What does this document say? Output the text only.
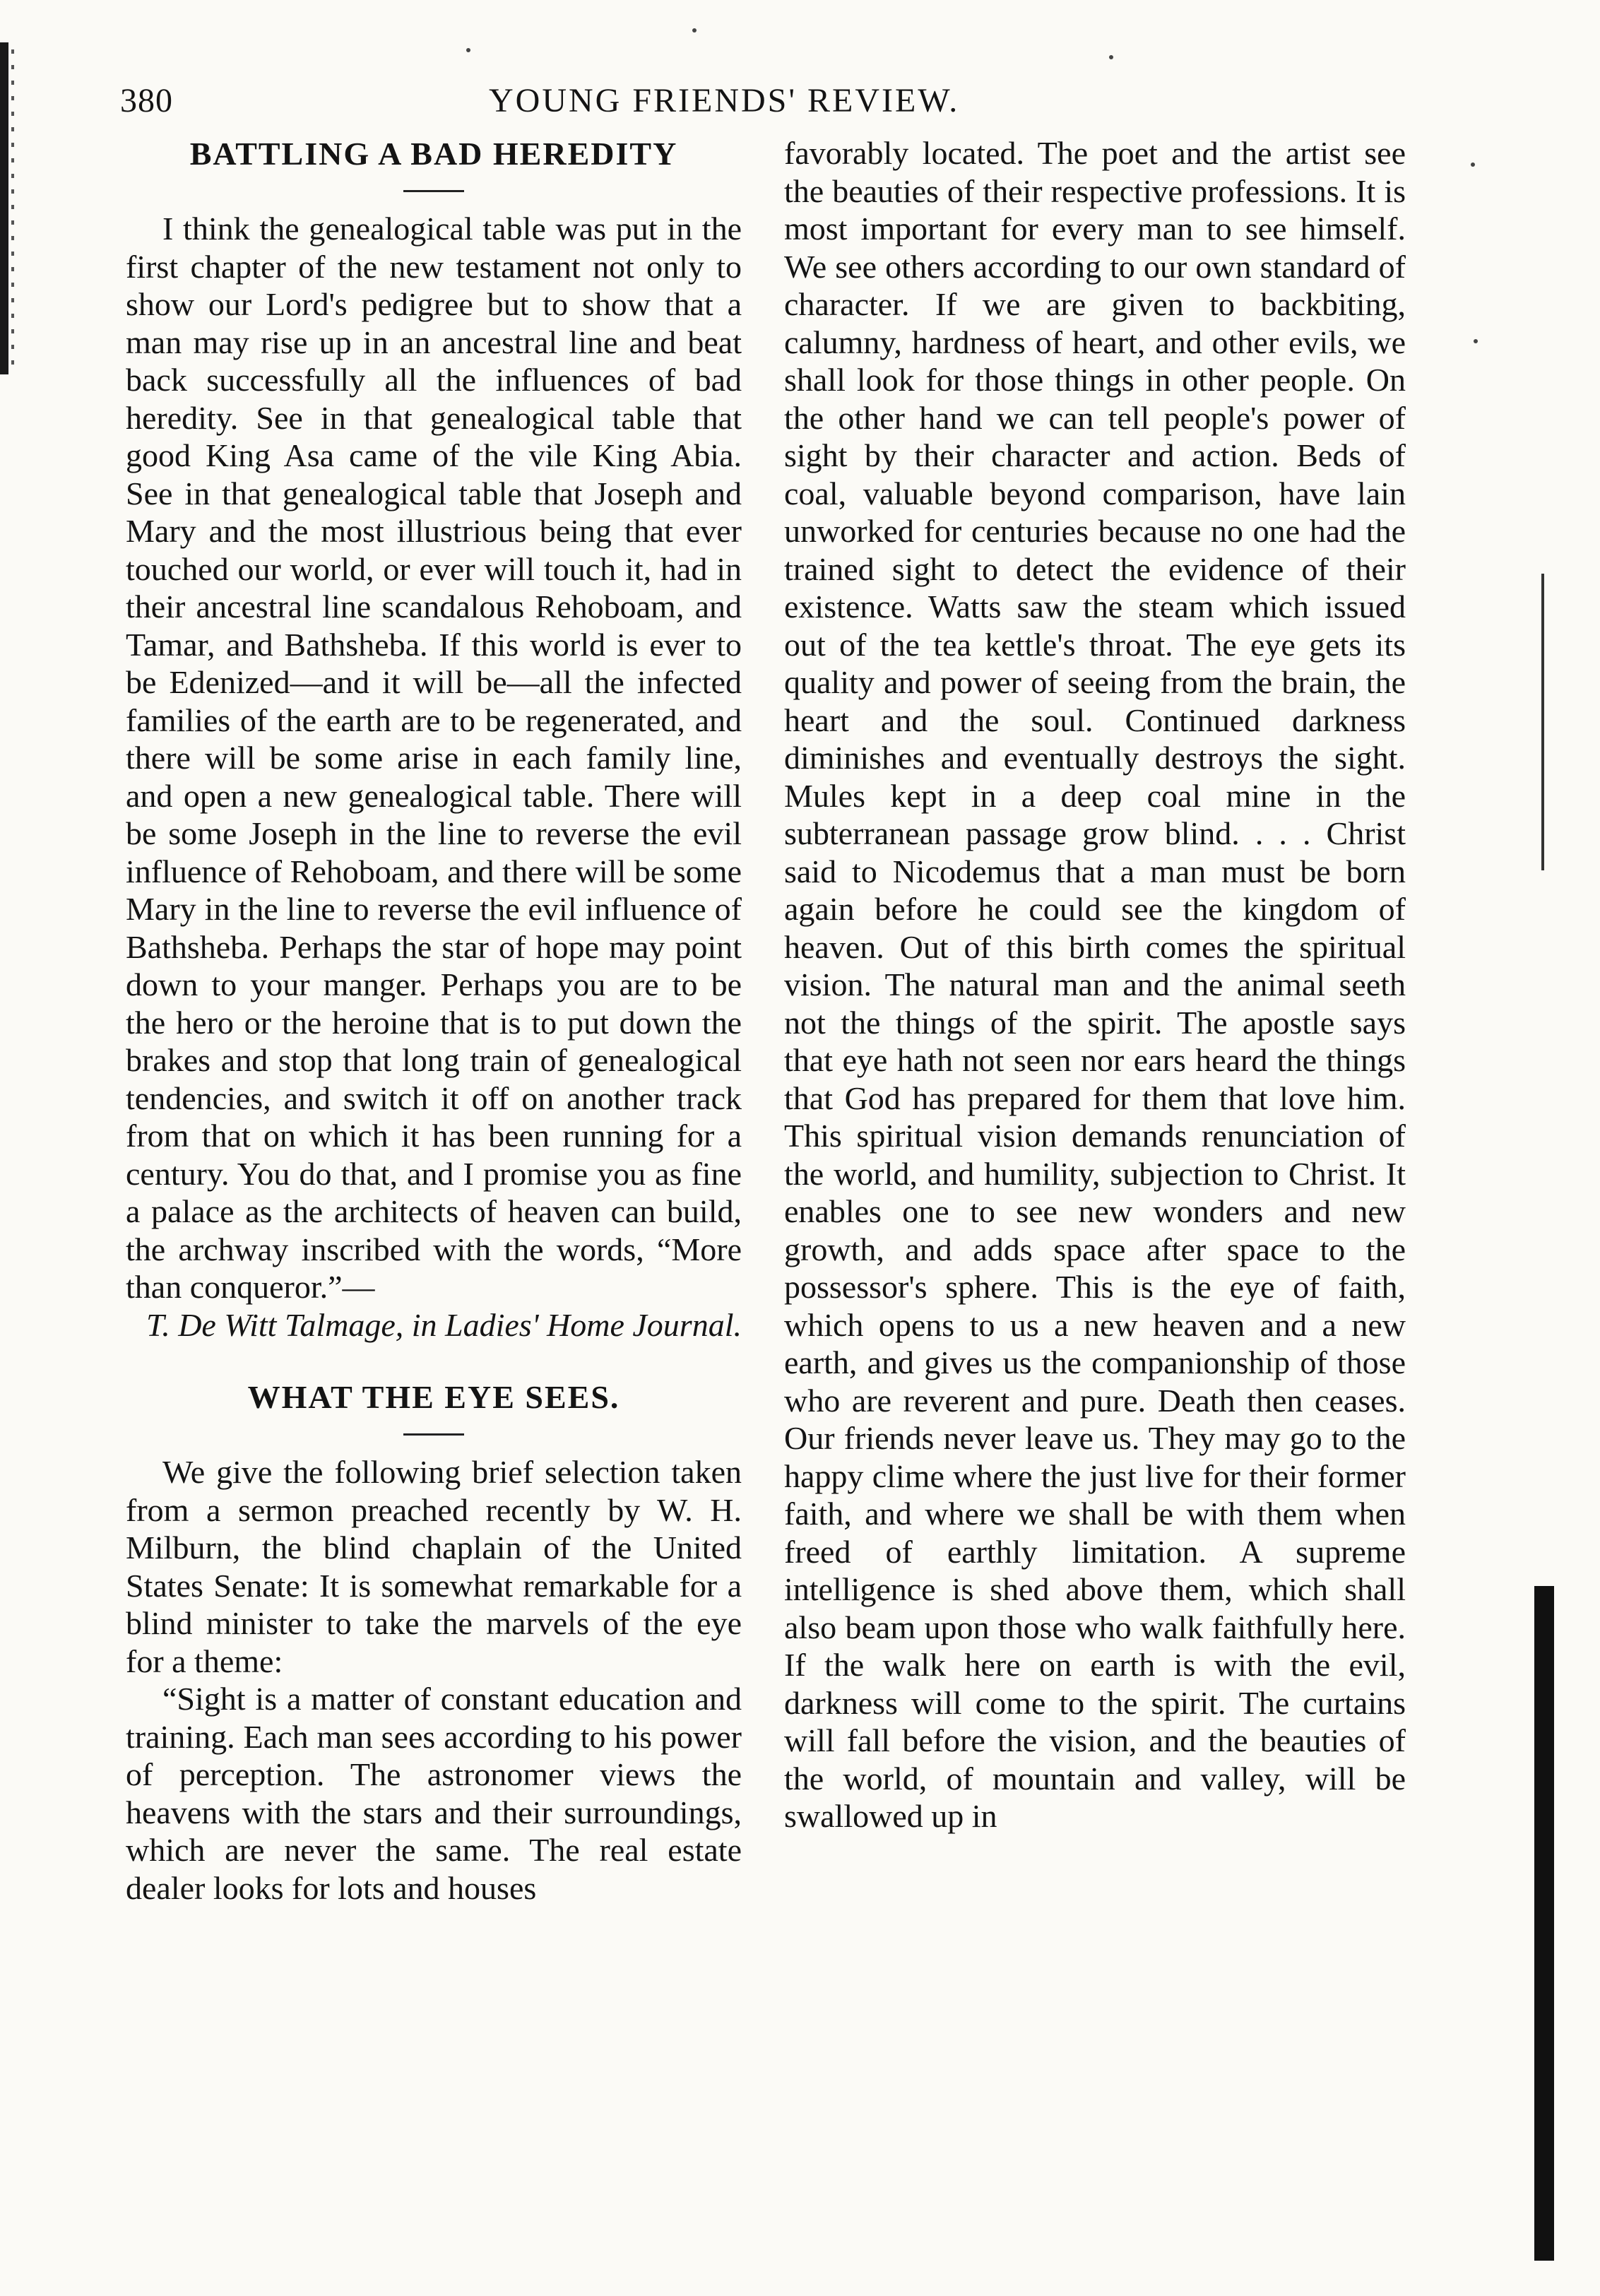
380	YOUNG FRIENDS' REVIEW.
BATTLING A BAD HEREDITY

I think the genealogical table was put in the first chapter of the new testament not only to show our Lord's pedigree but to show that a man may rise up in an ancestral line and beat back successfully all the influences of bad heredity. See in that genealogical table that good King Asa came of the vile King Abia. See in that genealogical table that Joseph and Mary and the most illustrious being that ever touched our world, or ever will touch it, had in their ancestral line scandalous Rehoboam, and Tamar, and Bathsheba. If this world is ever to be Edenized—and it will be—all the infected families of the earth are to be regenerated, and there will be some arise in each family line, and open a new genealogical table. There will be some Joseph in the line to reverse the evil influence of Rehoboam, and there will be some Mary in the line to reverse the evil influence of Bathsheba. Perhaps the star of hope may point down to your manger. Perhaps you are to be the hero or the heroine that is to put down the brakes and stop that long train of genealogical tendencies, and switch it off on another track from that on which it has been running for a century. You do that, and I promise you as fine a palace as the architects of heaven can build, the archway inscribed with the words, “More than conqueror.”—

T. De Witt Talmage, in Ladies' Home Journal.

WHAT THE EYE SEES.

We give the following brief selection taken from a sermon preached recently by W. H. Milburn, the blind chaplain of the United States Senate: It is somewhat remarkable for a blind minister to take the marvels of the eye for a theme:

“Sight is a matter of constant education and training. Each man sees according to his power of perception. The astronomer views the heavens with the stars and their surroundings, which are never the same. The real estate dealer looks for lots and houses

favorably located. The poet and the artist see the beauties of their respective professions. It is most important for every man to see himself. We see others according to our own standard of character. If we are given to backbiting, calumny, hardness of heart, and other evils, we shall look for those things in other people. On the other hand we can tell people's power of sight by their character and action. Beds of coal, valuable beyond comparison, have lain unworked for centuries because no one had the trained sight to detect the evidence of their existence. Watts saw the steam which issued out of the tea kettle's throat. The eye gets its quality and power of seeing from the brain, the heart and the soul. Continued darkness diminishes and eventually destroys the sight. Mules kept in a deep coal mine in the subterranean passage grow blind. . . . Christ said to Nicodemus that a man must be born again before he could see the kingdom of heaven. Out of this birth comes the spiritual vision. The natural man and the animal seeth not the things of the spirit. The apostle says that eye hath not seen nor ears heard the things that God has prepared for them that love him. This spiritual vision demands renunciation of the world, and humility, subjection to Christ. It enables one to see new wonders and new growth, and adds space after space to the possessor's sphere. This is the eye of faith, which opens to us a new heaven and a new earth, and gives us the companionship of those who are reverent and pure. Death then ceases. Our friends never leave us. They may go to the happy clime where the just live for their former faith, and where we shall be with them when freed of earthly limitation. A supreme intelligence is shed above them, which shall also beam upon those who walk faithfully here. If the walk here on earth is with the evil, darkness will come to the spirit. The curtains will fall before the vision, and the beauties of the world, of mountain and valley, will be swallowed up in
